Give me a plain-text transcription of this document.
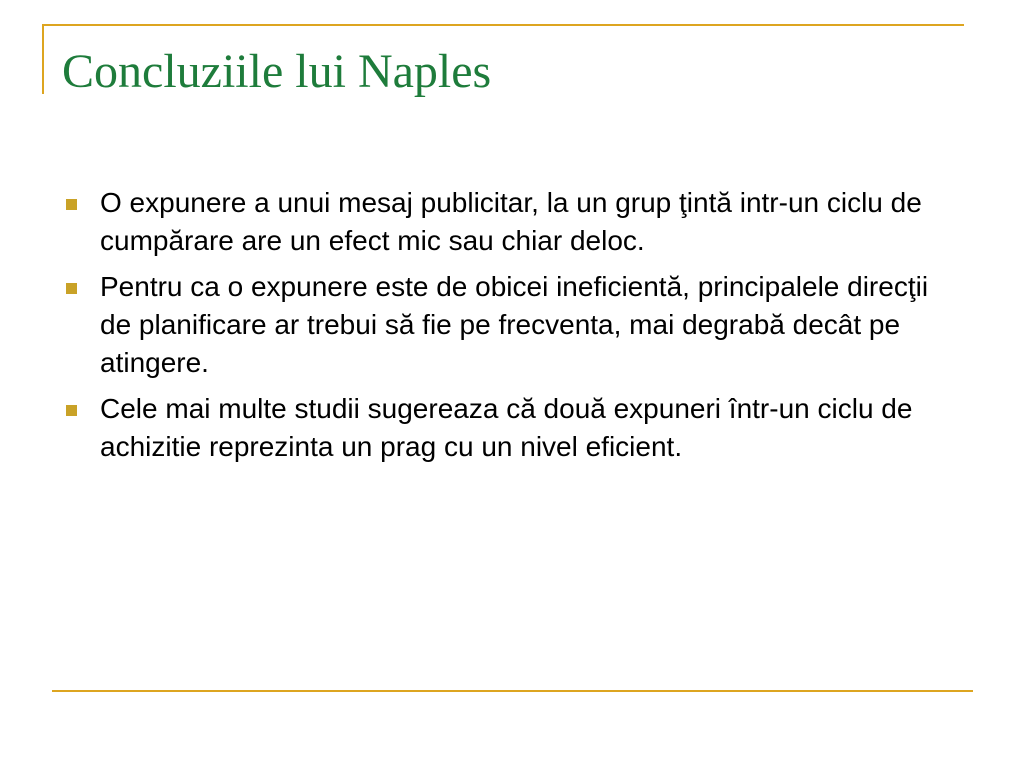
Concluziile lui Naples
O expunere a unui mesaj publicitar, la un grup ţintă intr-un ciclu de cumpărare are un efect mic sau chiar deloc.
Pentru ca o expunere este de obicei ineficientă, principalele direcţii de planificare ar trebui să fie pe frecventa, mai degrabă decât pe atingere.
Cele mai multe studii sugereaza că două expuneri într-un ciclu de achizitie reprezinta un prag cu un nivel eficient.
